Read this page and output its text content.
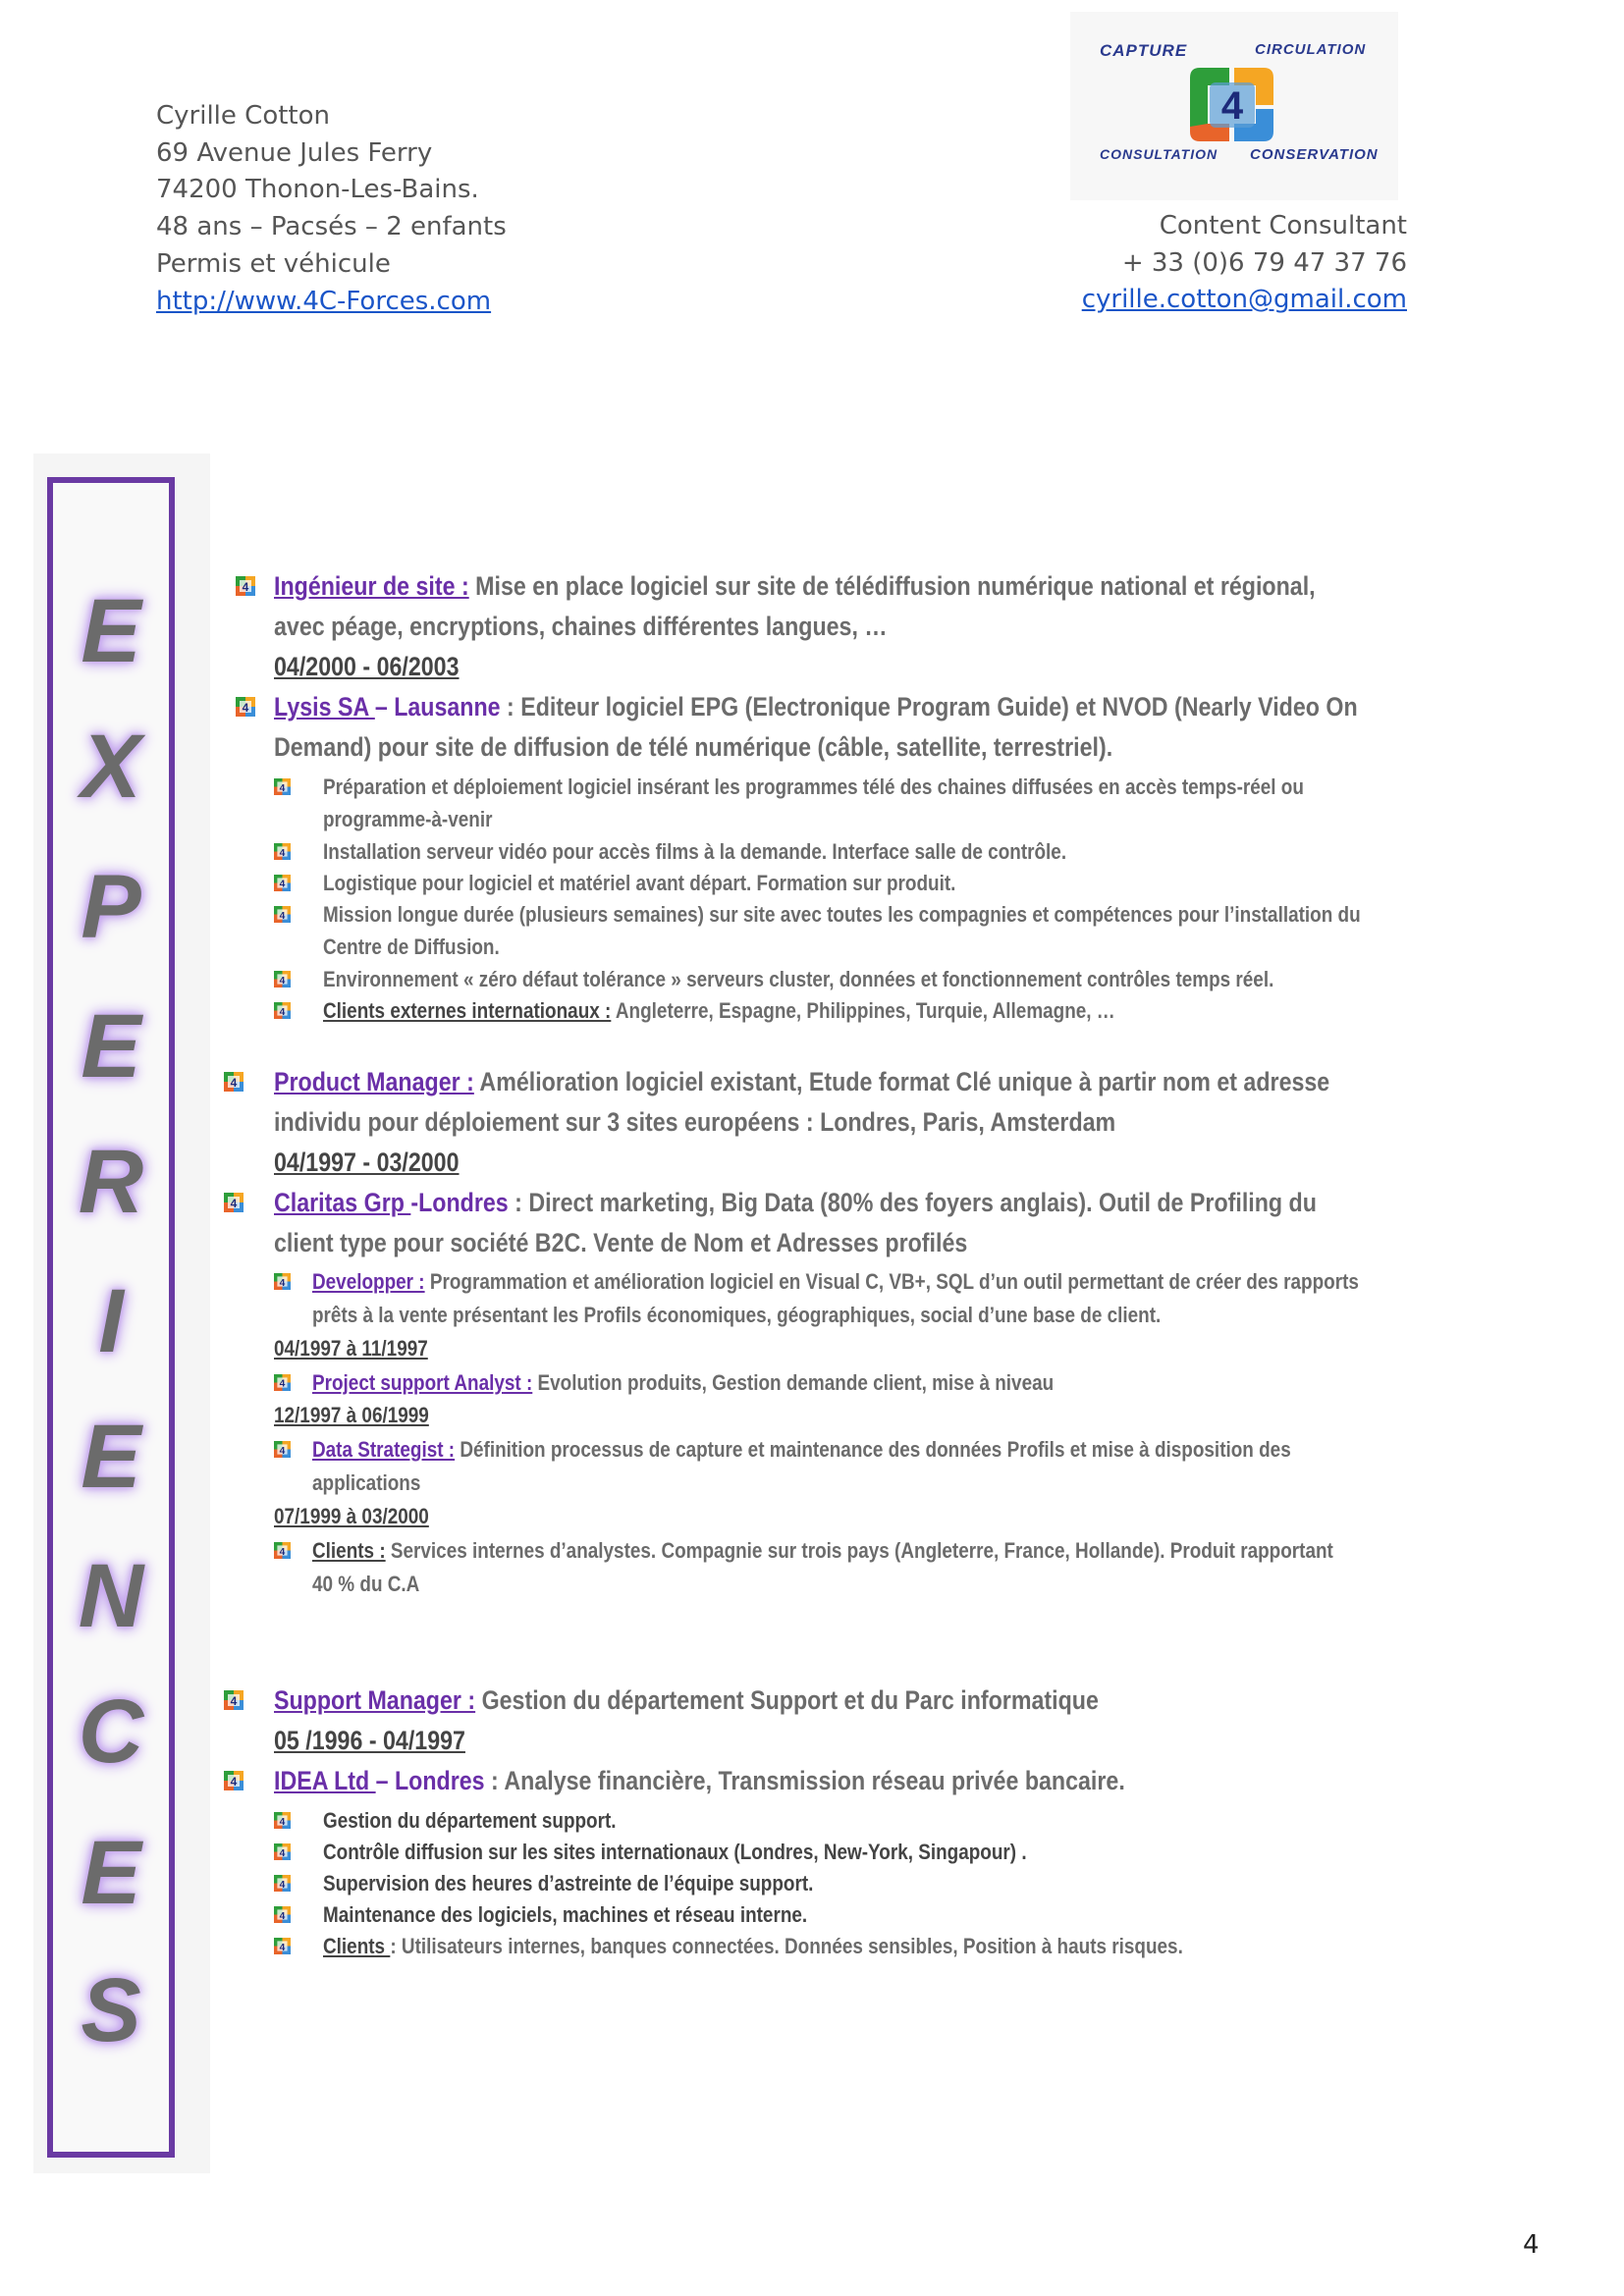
Cyrille Cotton
69 Avenue Jules Ferry
74200 Thonon-Les-Bains.
48 ans – Pacsés – 2 enfants
Permis et véhicule
http://www.4C-Forces.com
Content Consultant
+ 33 (0)6 79 47 37 76
cyrille.cotton@gmail.com
CAPTURE	CIRCULATION
CONSULTATION CONSERVATION
4
E
X
P
E
R
I
E
N
C
E
S
Ingénieur de site : Mise en place logiciel sur site de télédiffusion numérique national et régional,
avec péage, encryptions, chaines différentes langues, …
04/2000 - 06/2003
Lysis SA – Lausanne : Editeur logiciel EPG (Electronique Program Guide) et NVOD (Nearly Video On
Demand) pour site de diffusion de télé numérique (câble, satellite, terrestriel).
Préparation et déploiement logiciel insérant les programmes télé des chaines diffusées en accès temps-réel ou
programme-à-venir
Installation serveur vidéo pour accès films à la demande. Interface salle de contrôle.
Logistique pour logiciel et matériel avant départ. Formation sur produit.
Mission longue durée (plusieurs semaines) sur site avec toutes les compagnies et compétences pour l’installation du
Centre de Diffusion.
Environnement « zéro défaut tolérance » serveurs cluster, données et fonctionnement contrôles temps réel.
Clients externes internationaux : Angleterre, Espagne, Philippines, Turquie, Allemagne, …
Product Manager : Amélioration logiciel existant, Etude format Clé unique à partir nom et adresse
individu pour déploiement sur 3 sites européens : Londres, Paris, Amsterdam
04/1997 - 03/2000
Claritas Grp -Londres : Direct marketing, Big Data (80% des foyers anglais). Outil de Profiling du
client type pour société B2C. Vente de Nom et Adresses profilés
Developper : Programmation et amélioration logiciel en Visual C, VB+, SQL d’un outil permettant de créer des rapports
prêts à la vente présentant les Profils économiques, géographiques, social d’une base de client.
04/1997 à 11/1997
Project support Analyst : Evolution produits, Gestion demande client, mise à niveau
12/1997 à 06/1999
Data Strategist : Définition processus de capture et maintenance des données Profils et mise à disposition des
applications
07/1999 à 03/2000
Clients : Services internes d’analystes. Compagnie sur trois pays (Angleterre, France, Hollande). Produit rapportant
40 % du C.A
Support Manager : Gestion du département Support et du Parc informatique
05 /1996 - 04/1997
IDEA Ltd – Londres : Analyse financière, Transmission réseau privée bancaire.
Gestion du département support.
Contrôle diffusion sur les sites internationaux (Londres, New-York, Singapour) .
Supervision des heures d’astreinte de l’équipe support.
Maintenance des logiciels, machines et réseau interne.
Clients : Utilisateurs internes, banques connectées. Données sensibles, Position à hauts risques.
4
